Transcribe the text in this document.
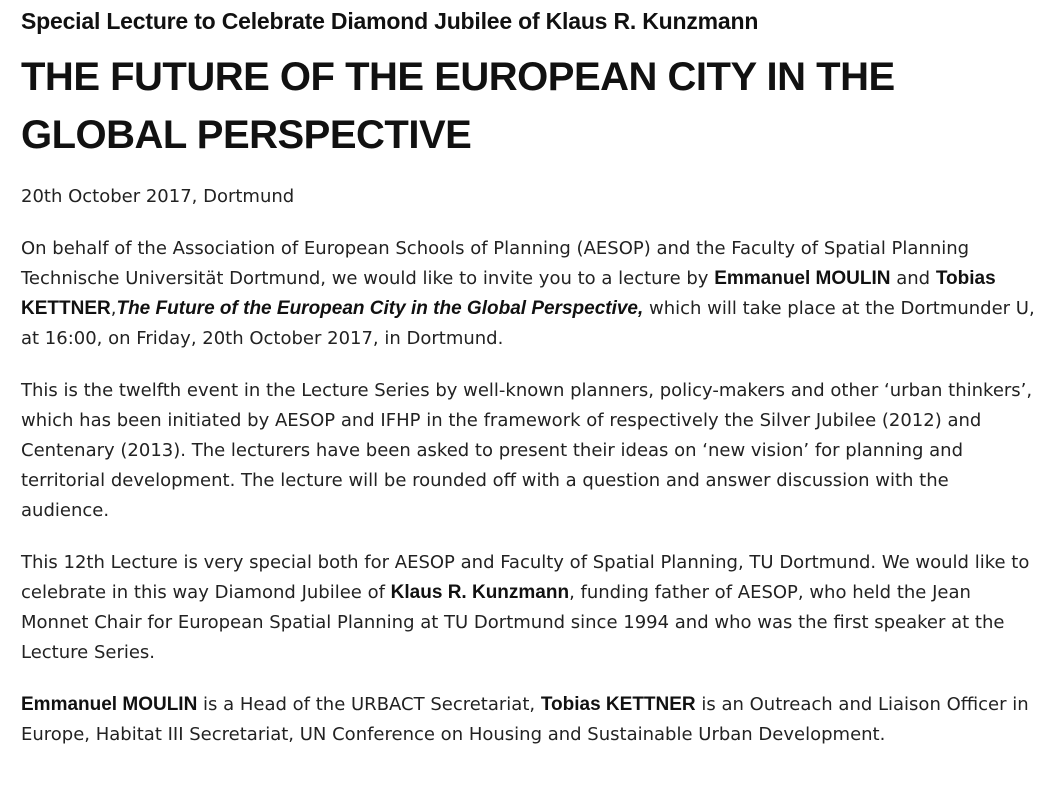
Special Lecture to Celebrate Diamond Jubilee of Klaus R. Kunzmann
THE FUTURE OF THE EUROPEAN CITY IN THE GLOBAL PERSPECTIVE
20th October 2017, Dortmund

On behalf of the Association of European Schools of Planning (AESOP) and the Faculty of Spatial Planning Technische Universität Dortmund, we would like to invite you to a lecture by Emmanuel MOULIN and Tobias KETTNER,The Future of the European City in the Global Perspective, which will take place at the Dortmunder U, at 16:00, on Friday, 20th October 2017, in Dortmund.

This is the twelfth event in the Lecture Series by well-known planners, policy-makers and other ‘urban thinkers’, which has been initiated by AESOP and IFHP in the framework of respectively the Silver Jubilee (2012) and Centenary (2013). The lecturers have been asked to present their ideas on ‘new vision’ for planning and territorial development. The lecture will be rounded off with a question and answer discussion with the audience.

This 12th Lecture is very special both for AESOP and Faculty of Spatial Planning, TU Dortmund. We would like to celebrate in this way Diamond Jubilee of Klaus R. Kunzmann, funding father of AESOP, who held the Jean Monnet Chair for European Spatial Planning at TU Dortmund since 1994 and who was the first speaker at the Lecture Series.

Emmanuel MOULIN is a Head of the URBACT Secretariat, Tobias KETTNER is an Outreach and Liaison Officer in Europe, Habitat III Secretariat, UN Conference on Housing and Sustainable Urban Development.
